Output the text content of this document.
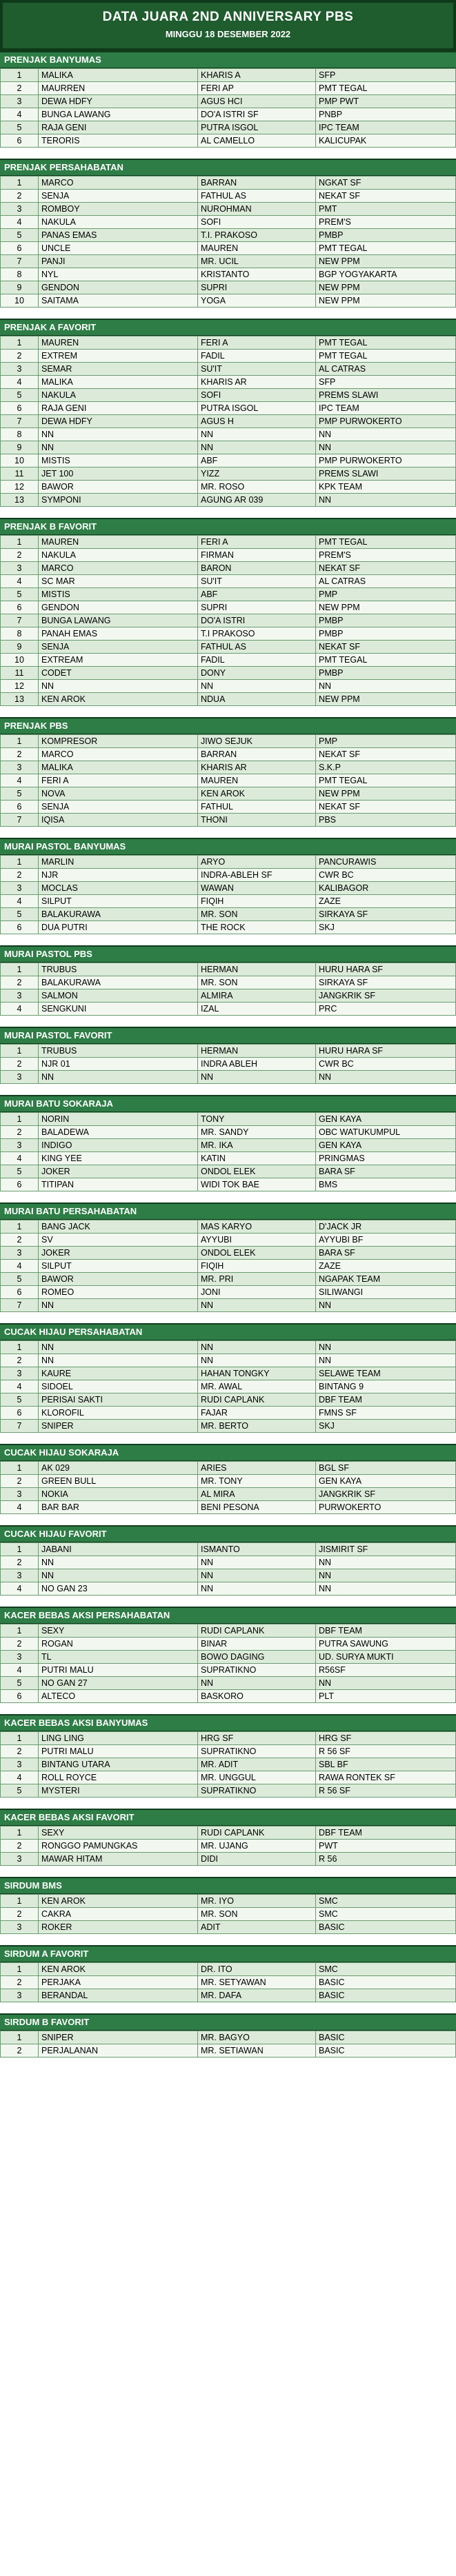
DATA JUARA 2ND ANNIVERSARY PBS
MINGGU 18 DESEMBER 2022
PRENJAK BANYUMAS
1	MALIKA	KHARIS A	SFP
2	MAURREN	FERI AP	PMT TEGAL
3	DEWA HDFY	AGUS HCI	PMP PWT
4	BUNGA LAWANG	DO'A ISTRI SF	PNBP
5	RAJA GENI	PUTRA ISGOL	IPC TEAM
6	TERORIS	AL CAMELLO	KALICUPAK
PRENJAK PERSAHABATAN
1	MARCO	BARRAN	NGKAT SF
2	SENJA	FATHUL AS	NEKAT SF
3	ROMBOY	NUROHMAN	PMT
4	NAKULA	SOFI	PREM'S
5	PANAS EMAS	T.I. PRAKOSO	PMBP
6	UNCLE	MAUREN	PMT TEGAL
7	PANJI	MR. UCIL	NEW PPM
8	NYL	KRISTANTO	BGP YOGYAKARTA
9	GENDON	SUPRI	NEW PPM
10	SAITAMA	YOGA	NEW PPM
PRENJAK A FAVORIT
1	MAUREN	FERI A	PMT TEGAL
2	EXTREM	FADIL	PMT TEGAL
3	SEMAR	SU'IT	AL CATRAS
4	MALIKA	KHARIS AR	SFP
5	NAKULA	SOFI	PREMS SLAWI
6	RAJA GENI	PUTRA ISGOL	IPC TEAM
7	DEWA HDFY	AGUS H	PMP PURWOKERTO
8	NN	NN	NN
9	NN	NN	NN
10	MISTIS	ABF	PMP PURWOKERTO
11	JET 100	YIZZ	PREMS SLAWI
12	BAWOR	MR. ROSO	KPK TEAM
13	SYMPONI	AGUNG AR 039	NN
PRENJAK B FAVORIT
1	MAUREN	FERI A	PMT TEGAL
2	NAKULA	FIRMAN	PREM'S
3	MARCO	BARON	NEKAT SF
4	SC MAR	SU'IT	AL CATRAS
5	MISTIS	ABF	PMP
6	GENDON	SUPRI	NEW PPM
7	BUNGA LAWANG	DO'A ISTRI	PMBP
8	PANAH EMAS	T.I PRAKOSO	PMBP
9	SENJA	FATHUL AS	NEKAT SF
10	EXTREAM	FADIL	PMT TEGAL
11	CODET	DONY	PMBP
12	NN	NN	NN
13	KEN AROK	NDUA	NEW PPM
PRENJAK PBS
1	KOMPRESOR	JIWO SEJUK	PMP
2	MARCO	BARRAN	NEKAT SF
3	MALIKA	KHARIS AR	S.K.P
4	FERI A	MAUREN	PMT TEGAL
5	NOVA	KEN AROK	NEW PPM
6	SENJA	FATHUL	NEKAT SF
7	IQISA	THONI	PBS
MURAI PASTOL BANYUMAS
1	MARLIN	ARYO	PANCURAWIS
2	NJR	INDRA-ABLEH SF	CWR BC
3	MOCLAS	WAWAN	KALIBAGOR
4	SILPUT	FIQIH	ZAZE
5	BALAKURAWA	MR. SON	SIRKAYA SF
6	DUA PUTRI	THE ROCK	SKJ
MURAI PASTOL PBS
1	TRUBUS	HERMAN	HURU HARA SF
2	BALAKURAWA	MR. SON	SIRKAYA SF
3	SALMON	ALMIRA	JANGKRIK SF
4	SENGKUNI	IZAL	PRC
MURAI PASTOL FAVORIT
1	TRUBUS	HERMAN	HURU HARA SF
2	NJR 01	INDRA ABLEH	CWR BC
3	NN	NN	NN
MURAI BATU SOKARAJA
1	NORIN	TONY	GEN KAYA
2	BALADEWA	MR. SANDY	OBC WATUKUMPUL
3	INDIGO	MR. IKA	GEN KAYA
4	KING YEE	KATIN	PRINGMAS
5	JOKER	ONDOL ELEK	BARA SF
6	TITIPAN	WIDI TOK BAE	BMS
MURAI BATU PERSAHABATAN
1	BANG JACK	MAS KARYO	D'JACK JR
2	SV	AYYUBI	AYYUBI BF
3	JOKER	ONDOL ELEK	BARA SF
4	SILPUT	FIQIH	ZAZE
5	BAWOR	MR. PRI	NGAPAK TEAM
6	ROMEO	JONI	SILIWANGI
7	NN	NN	NN
CUCAK HIJAU PERSAHABATAN
1	NN	NN	NN
2	NN	NN	NN
3	KAURE	HAHAN TONGKY	SELAWE TEAM
4	SIDOEL	MR. AWAL	BINTANG 9
5	PERISAI SAKTI	RUDI CAPLANK	DBF TEAM
6	KLOROFIL	FAJAR	FMNS SF
7	SNIPER	MR. BERTO	SKJ
CUCAK HIJAU SOKARAJA
1	AK 029	ARIES	BGL SF
2	GREEN BULL	MR. TONY	GEN KAYA
3	NOKIA	AL MIRA	JANGKRIK SF
4	BAR BAR	BENI PESONA	PURWOKERTO
CUCAK HIJAU FAVORIT
1	JABANI	ISMANTO	JISMIRIT SF
2	NN	NN	NN
3	NN	NN	NN
4	NO GAN 23	NN	NN
KACER BEBAS AKSI PERSAHABATAN
1	SEXY	RUDI CAPLANK	DBF TEAM
2	ROGAN	BINAR	PUTRA SAWUNG
3	TL	BOWO DAGING	UD. SURYA MUKTI
4	PUTRI MALU	SUPRATIKNO	R56SF
5	NO GAN 27	NN	NN
6	ALTECO	BASKORO	PLT
KACER BEBAS AKSI BANYUMAS
1	LING LING	HRG SF	HRG SF
2	PUTRI MALU	SUPRATIKNO	R 56 SF
3	BINTANG UTARA	MR. ADIT	SBL BF
4	ROLL ROYCE	MR. UNGGUL	RAWA RONTEK SF
5	MYSTERI	SUPRATIKNO	R 56 SF
KACER BEBAS AKSI FAVORIT
1	SEXY	RUDI CAPLANK	DBF TEAM
2	RONGGO PAMUNGKAS	MR. UJANG	PWT
3	MAWAR HITAM	DIDI	R 56
SIRDUM BMS
1	KEN AROK	MR. IYO	SMC
2	CAKRA	MR. SON	SMC
3	ROKER	ADIT	BASIC
SIRDUM A FAVORIT
1	KEN AROK	DR. ITO	SMC
2	PERJAKA	MR. SETYAWAN	BASIC
3	BERANDAL	MR. DAFA	BASIC
SIRDUM B FAVORIT
1	SNIPER	MR. BAGYO	BASIC
2	PERJALANAN	MR. SETIAWAN	BASIC
